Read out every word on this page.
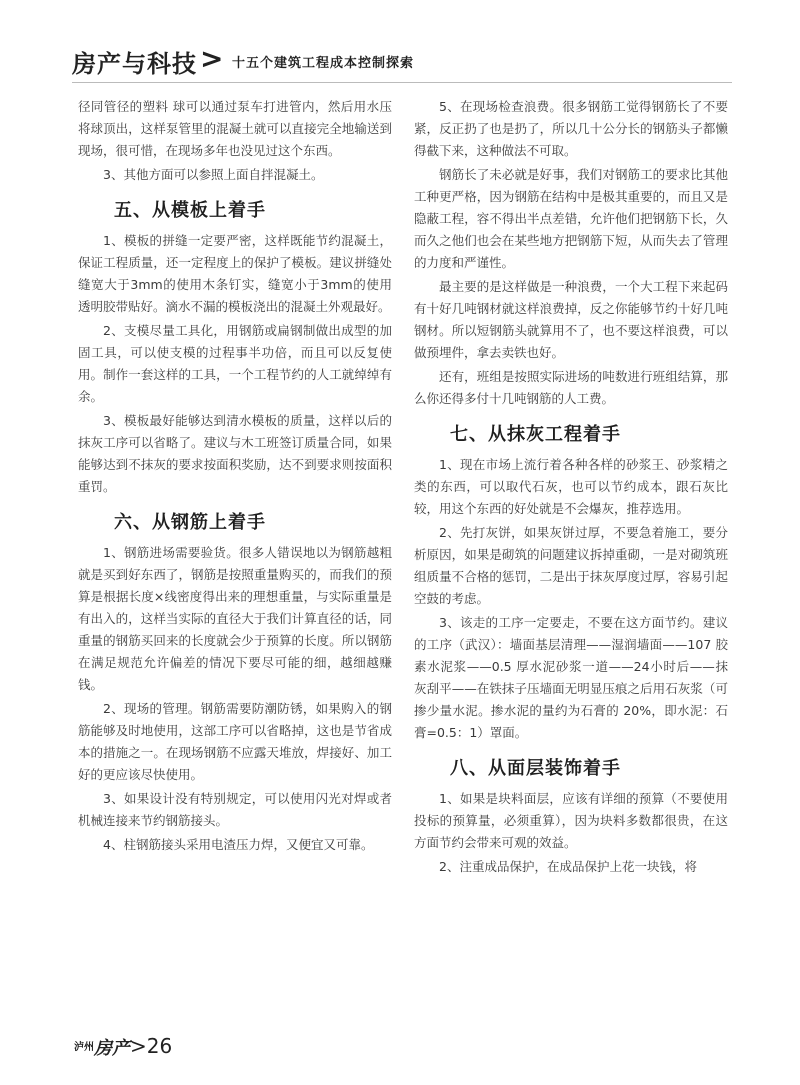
房产与科技 > 十五个建筑工程成本控制探索
径同管径的塑料 球可以通过泵车打进管内，然后用水压将球顶出，这样泵管里的混凝土就可以直接完全地输送到现场，很可惜，在现场多年也没见过这个东西。
3、其他方面可以参照上面自拌混凝土。
五、从模板上着手
1、模板的拼缝一定要严密，这样既能节约混凝土，保证工程质量，还一定程度上的保护了模板。建议拼缝处缝宽大于3mm的使用木条钉实，缝宽小于3mm的使用透明胶带贴好。滴水不漏的模板浇出的混凝土外观最好。
2、支模尽量工具化，用钢筋或扁钢制做出成型的加固工具，可以使支模的过程事半功倍，而且可以反复使用。制作一套这样的工具，一个工程节约的人工就绰绰有余。
3、模板最好能够达到清水模板的质量，这样以后的抹灰工序可以省略了。建议与木工班签订质量合同，如果能够达到不抹灰的要求按面积奖励，达不到要求则按面积重罚。
六、从钢筋上着手
1、钢筋进场需要验货。很多人错误地以为钢筋越粗就是买到好东西了，钢筋是按照重量购买的，而我们的预算是根据长度×线密度得出来的理想重量，与实际重量是有出入的，这样当实际的直径大于我们计算直径的话，同重量的钢筋买回来的长度就会少于预算的长度。所以钢筋在满足规范允许偏差的情况下要尽可能的细，越细越赚钱。
2、现场的管理。钢筋需要防潮防锈，如果购入的钢筋能够及时地使用，这部工序可以省略掉，这也是节省成本的措施之一。在现场钢筋不应露天堆放，焊接好、加工好的更应该尽快使用。
3、如果设计没有特别规定，可以使用闪光对焊或者机械连接来节约钢筋接头。
4、柱钢筋接头采用电渣压力焊，又便宜又可靠。
5、在现场检查浪费。很多钢筋工觉得钢筋长了不要紧，反正扔了也是扔了，所以几十公分长的钢筋头子都懒得截下来，这种做法不可取。
钢筋长了未必就是好事，我们对钢筋工的要求比其他工种更严格，因为钢筋在结构中是极其重要的，而且又是隐蔽工程，容不得出半点差错，允许他们把钢筋下长，久而久之他们也会在某些地方把钢筋下短，从而失去了管理的力度和严谨性。
最主要的是这样做是一种浪费，一个大工程下来起码有十好几吨钢材就这样浪费掉，反之你能够节约十好几吨钢材。所以短钢筋头就算用不了，也不要这样浪费，可以做预埋件，拿去卖铁也好。
还有，班组是按照实际进场的吨数进行班组结算，那么你还得多付十几吨钢筋的人工费。
七、从抹灰工程着手
1、现在市场上流行着各种各样的砂浆王、砂浆精之类的东西，可以取代石灰，也可以节约成本，跟石灰比较，用这个东西的好处就是不会爆灰，推荐选用。
2、先打灰饼，如果灰饼过厚，不要急着施工，要分析原因，如果是砌筑的问题建议拆掉重砌，一是对砌筑班组质量不合格的惩罚，二是出于抹灰厚度过厚，容易引起空鼓的考虑。
3、该走的工序一定要走，不要在这方面节约。建议的工序（武汉）：墙面基层清理——湿润墙面——107 胶素水泥浆——0.5 厚水泥砂浆一道——24小时后——抹灰刮平——在铁抹子压墙面无明显压痕之后用石灰浆（可掺少量水泥。掺水泥的量约为石膏的 20%，即水泥：石膏=0.5：1）罩面。
八、从面层装饰着手
1、如果是块料面层，应该有详细的预算（不要使用投标的预算量，必须重算），因为块料多数都很贵，在这方面节约会带来可观的效益。
2、注重成品保护，在成品保护上花一块钱，将
泸州 房产 >26
